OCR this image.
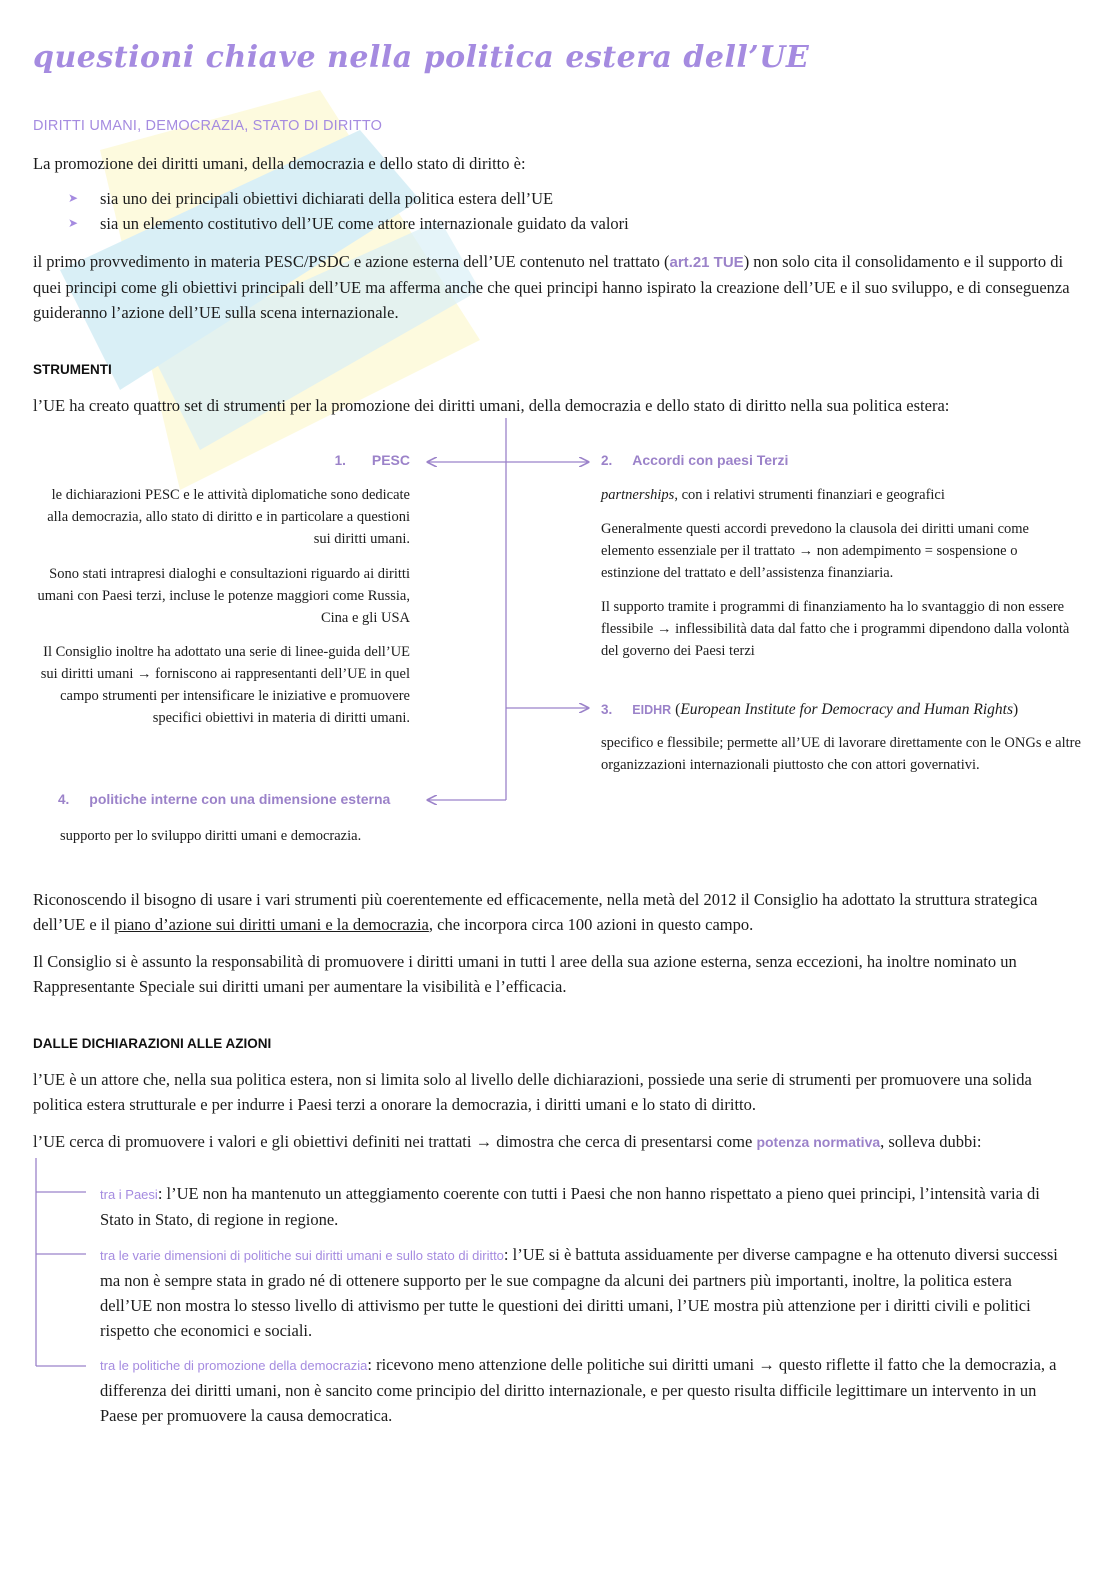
questioni chiave nella politica estera dell’UE
DIRITTI UMANI, DEMOCRAZIA, STATO DI DIRITTO
La promozione dei diritti umani, della democrazia e dello stato di diritto è:
➤ sia uno dei principali obiettivi dichiarati della politica estera dell’UE
➤ sia un elemento costitutivo dell’UE come attore internazionale guidato da valori
il primo provvedimento in materia PESC/PSDC e azione esterna dell’UE contenuto nel trattato (art.21 TUE) non solo cita il consolidamento e il supporto di quei principi come gli obiettivi principali dell’UE ma afferma anche che quei principi hanno ispirato la creazione dell’UE e il suo sviluppo, e di conseguenza guideranno l’azione dell’UE sulla scena internazionale.
STRUMENTI
l’UE ha creato quattro set di strumenti per la promozione dei diritti umani, della democrazia e dello stato di diritto nella sua politica estera:
1. PESC
le dichiarazioni PESC e le attività diplomatiche sono dedicate alla democrazia, allo stato di diritto e in particolare a questioni sui diritti umani.
Sono stati intrapresi dialoghi e consultazioni riguardo ai diritti umani con Paesi terzi, incluse le potenze maggiori come Russia, Cina e gli USA
Il Consiglio inoltre ha adottato una serie di linee-guida dell’UE sui diritti umani → forniscono ai rappresentanti dell’UE in quel campo strumenti per intensificare le iniziative e promuovere specifici obiettivi in materia di diritti umani.
2. Accordi con paesi Terzi
partnerships, con i relativi strumenti finanziari e geografici
Generalmente questi accordi prevedono la clausola dei diritti umani come elemento essenziale per il trattato → non adempimento = sospensione o estinzione del trattato e dell’assistenza finanziaria.
Il supporto tramite i programmi di finanziamento ha lo svantaggio di non essere flessibile → inflessibilità data dal fatto che i programmi dipendono dalla volontà del governo dei Paesi terzi
3. EIDHR (European Institute for Democracy and Human Rights)
specifico e flessibile; permette all’UE di lavorare direttamente con le ONGs e altre organizzazioni internazionali piuttosto che con attori governativi.
4. politiche interne con una dimensione esterna
supporto per lo sviluppo diritti umani e democrazia.
Riconoscendo il bisogno di usare i vari strumenti più coerentemente ed efficacemente, nella metà del 2012 il Consiglio ha adottato la struttura strategica dell’UE e il piano d’azione sui diritti umani e la democrazia, che incorpora circa 100 azioni in questo campo.
Il Consiglio si è assunto la responsabilità di promuovere i diritti umani in tutti l aree della sua azione esterna, senza eccezioni, ha inoltre nominato un Rappresentante Speciale sui diritti umani per aumentare la visibilità e l’efficacia.
DALLE DICHIARAZIONI ALLE AZIONI
l’UE è un attore che, nella sua politica estera, non si limita solo al livello delle dichiarazioni, possiede una serie di strumenti per promuovere una solida politica estera strutturale e per indurre i Paesi terzi a onorare la democrazia, i diritti umani e lo stato di diritto.
l’UE cerca di promuovere i valori e gli obiettivi definiti nei trattati → dimostra che cerca di presentarsi come potenza normativa, solleva dubbi:
tra i Paesi: l’UE non ha mantenuto un atteggiamento coerente con tutti i Paesi che non hanno rispettato a pieno quei principi, l’intensità varia di Stato in Stato, di regione in regione.
tra le varie dimensioni di politiche sui diritti umani e sullo stato di diritto: l’UE si è battuta assiduamente per diverse campagne e ha ottenuto diversi successi ma non è sempre stata in grado né di ottenere supporto per le sue compagne da alcuni dei partners più importanti, inoltre, la politica estera dell’UE non mostra lo stesso livello di attivismo per tutte le questioni dei diritti umani, l’UE mostra più attenzione per i diritti civili e politici rispetto che economici e sociali.
tra le politiche di promozione della democrazia: ricevono meno attenzione delle politiche sui diritti umani → questo riflette il fatto che la democrazia, a differenza dei diritti umani, non è sancito come principio del diritto internazionale, e per questo risulta difficile legittimare un intervento in un Paese per promuovere la causa democratica.
